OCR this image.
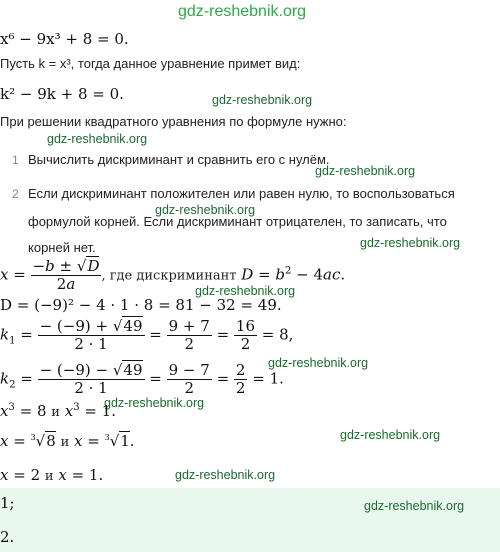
gdz-reshebnik.org
gdz-reshebnik.org
gdz-reshebnik.org
gdz-reshebnik.org
gdz-reshebnik.org
gdz-reshebnik.org
gdz-reshebnik.org
gdz-reshebnik.org
gdz-reshebnik.org
gdz-reshebnik.org
gdz-reshebnik.org
x⁶ − 9x³ + 8 = 0.
Пусть k = x³, тогда данное уравнение примет вид:
k² − 9k + 8 = 0.
При решении квадратного уравнения по формуле нужно:
1 Вычислить дискриминант и сравнить его с нулём.
2 Если дискриминант положителен или равен нулю, то воспользоваться
формулой корней. Если дискриминант отрицателен, то записать, что
корней нет.
$x = \frac{-b \pm √D}{2a}$ , где дискриминант $D = b^2 - 4ac$.
D = (−9)² − 4 · 1 · 8 = 81 − 32 = 49.
$k_1 = \frac{- (-9) + √49}{2 \cdot 1} = \frac{9 + 7}{2} = \frac{16}{2} = 8$,
$k_2 = \frac{- (-9) - √49}{2 \cdot 1} = \frac{9 - 7}{2} = \frac{2}{2} = 1$.
$x^3 = 8$ и $x^3 = 1$.
x = $^3$√8 и x = $^3$√1.
x = 2 и x = 1.
1;	gdz-reshebnik.org
2.
